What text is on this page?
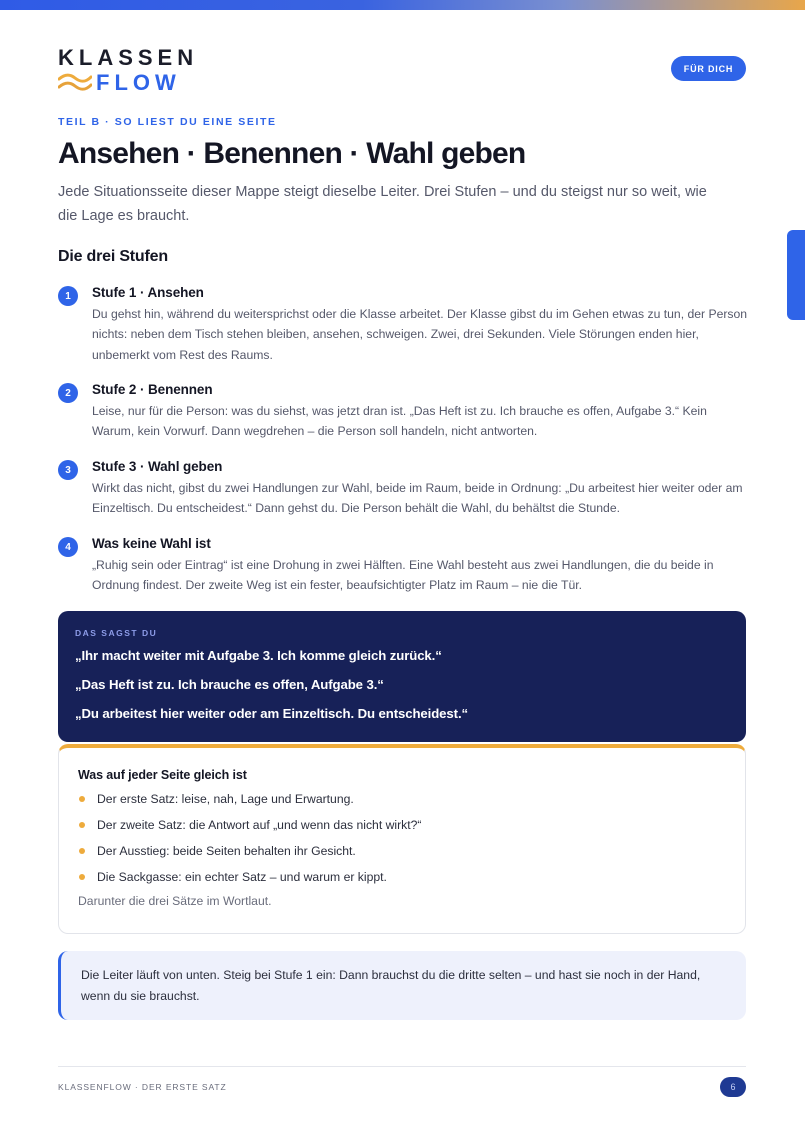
KLASSEN
FLOW
FÜR DICH
TEIL B · SO LIEST DU EINE SEITE
Ansehen · Benennen · Wahl geben

Jede Situationsseite dieser Mappe steigt dieselbe Leiter. Drei Stufen – und du steigst nur so weit, wie die Lage es braucht.

Die drei Stufen
1	Stufe 1 · Ansehen

Du gehst hin, während du weitersprichst oder die Klasse arbeitet. Der Klasse gibst du im Gehen etwas zu tun, der Person nichts: neben dem Tisch stehen bleiben, ansehen, schweigen. Zwei, drei Sekunden. Viele Störungen enden hier, unbemerkt vom Rest des Raums.

2	Stufe 2 · Benennen

Leise, nur für die Person: was du siehst, was jetzt dran ist. „Das Heft ist zu. Ich brauche es offen, Aufgabe 3.“ Kein Warum, kein Vorwurf. Dann wegdrehen – die Person soll handeln, nicht antworten.

3	Stufe 3 · Wahl geben

Wirkt das nicht, gibst du zwei Handlungen zur Wahl, beide im Raum, beide in Ordnung: „Du arbeitest hier weiter oder am Einzeltisch. Du entscheidest.“ Dann gehst du. Die Person behält die Wahl, du behältst die Stunde.

4	Was keine Wahl ist

„Ruhig sein oder Eintrag“ ist eine Drohung in zwei Hälften. Eine Wahl besteht aus zwei Handlungen, die du beide in Ordnung findest. Der zweite Weg ist ein fester, beaufsichtigter Platz im Raum – nie die Tür.

DAS SAGST DU
„Ihr macht weiter mit Aufgabe 3. Ich komme gleich zurück.“
„Das Heft ist zu. Ich brauche es offen, Aufgabe 3.“
„Du arbeitest hier weiter oder am Einzeltisch. Du entscheidest.“
Was auf jeder Seite gleich ist
Der erste Satz: leise, nah, Lage und Erwartung.
Der zweite Satz: die Antwort auf „und wenn das nicht wirkt?“
Der Ausstieg: beide Seiten behalten ihr Gesicht.
Die Sackgasse: ein echter Satz – und warum er kippt.
Darunter die drei Sätze im Wortlaut.
Die Leiter läuft von unten. Steig bei Stufe 1 ein: Dann brauchst du die dritte selten – und hast sie noch in der Hand, wenn du sie brauchst.
KLASSENFLOW · DER ERSTE SATZ	6
